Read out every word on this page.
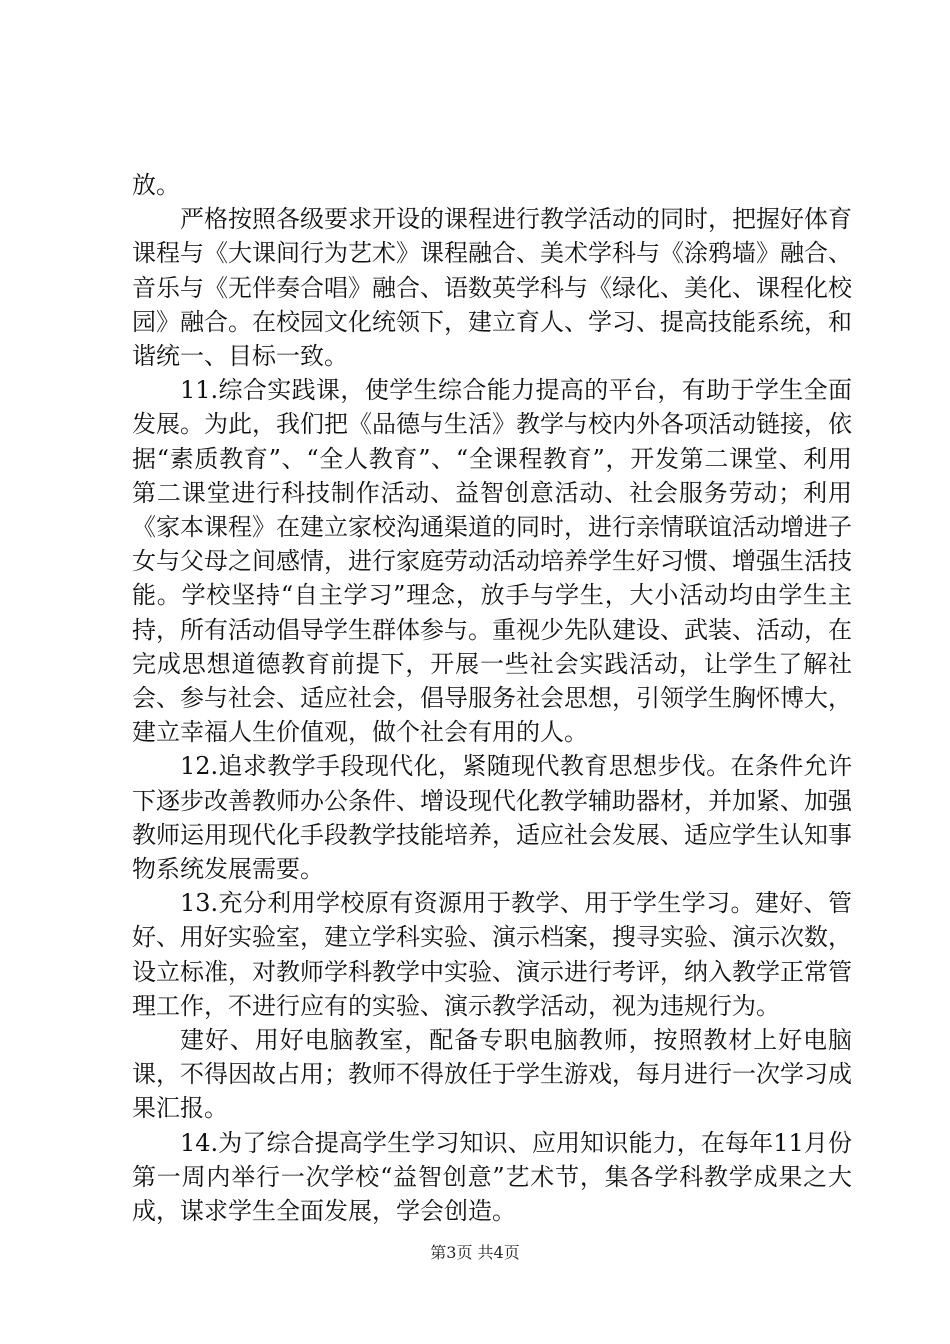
放。

严格按照各级要求开设的课程进行教学活动的同时，把握好体育课程与《大课间行为艺术》课程融合、美术学科与《涂鸦墙》融合、音乐与《无伴奏合唱》融合、语数英学科与《绿化、美化、课程化校园》融合。在校园文化统领下，建立育人、学习、提高技能系统，和谐统一、目标一致。

11.综合实践课，使学生综合能力提高的平台，有助于学生全面发展。为此，我们把《品德与生活》教学与校内外各项活动链接，依据“素质教育”、“全人教育”、“全课程教育”，开发第二课堂、利用第二课堂进行科技制作活动、益智创意活动、社会服务劳动；利用《家本课程》在建立家校沟通渠道的同时，进行亲情联谊活动增进子女与父母之间感情，进行家庭劳动活动培养学生好习惯、增强生活技能。学校坚持“自主学习”理念，放手与学生，大小活动均由学生主持，所有活动倡导学生群体参与。重视少先队建设、武装、活动，在完成思想道德教育前提下，开展一些社会实践活动，让学生了解社会、参与社会、适应社会，倡导服务社会思想，引领学生胸怀博大，建立幸福人生价值观，做个社会有用的人。

12.追求教学手段现代化，紧随现代教育思想步伐。在条件允许下逐步改善教师办公条件、增设现代化教学辅助器材，并加紧、加强教师运用现代化手段教学技能培养，适应社会发展、适应学生认知事物系统发展需要。

13.充分利用学校原有资源用于教学、用于学生学习。建好、管好、用好实验室，建立学科实验、演示档案，搜寻实验、演示次数，设立标准，对教师学科教学中实验、演示进行考评，纳入教学正常管理工作，不进行应有的实验、演示教学活动，视为违规行为。

建好、用好电脑教室，配备专职电脑教师，按照教材上好电脑课，不得因故占用；教师不得放任于学生游戏，每月进行一次学习成果汇报。

14.为了综合提高学生学习知识、应用知识能力，在每年11月份第一周内举行一次学校“益智创意”艺术节，集各学科教学成果之大成，谋求学生全面发展，学会创造。

第3页 共4页
